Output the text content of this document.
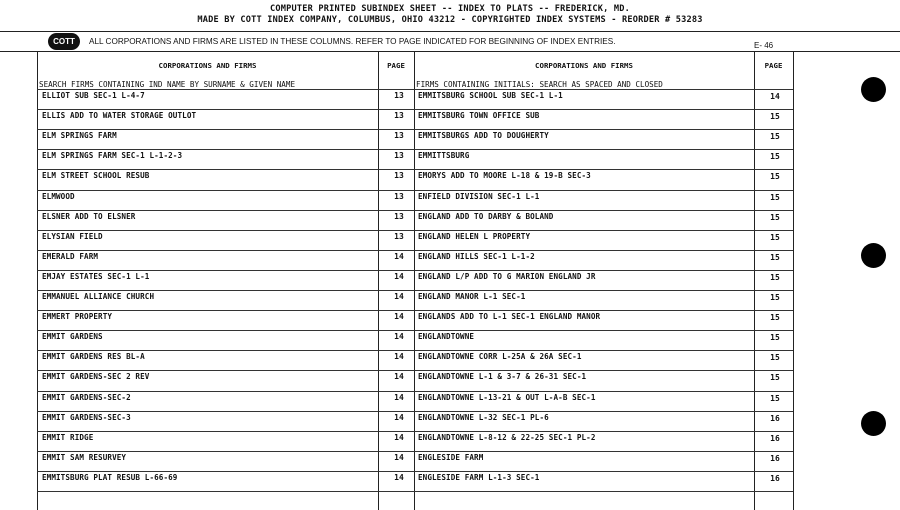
COMPUTER PRINTED SUBINDEX SHEET -- INDEX TO PLATS -- FREDERICK, MD.
MADE BY COTT INDEX COMPANY, COLUMBUS, OHIO 43212 - COPYRIGHTED INDEX SYSTEMS - REORDER # 53283
COTT	ALL CORPORATIONS AND FIRMS ARE LISTED IN THESE COLUMNS. REFER TO PAGE INDICATED FOR BEGINNING OF INDEX ENTRIES.	E- 46
CORPORATIONS AND FIRMS	PAGE	CORPORATIONS AND FIRMS	PAGE
SEARCH FIRMS CONTAINING IND NAME BY SURNAME & GIVEN NAME	FIRMS CONTAINING INITIALS: SEARCH AS SPACED AND CLOSED
ELLIOT SUB SEC-1 L-4-7	13	EMMITSBURG SCHOOL SUB SEC-1 L-1	14
ELLIS ADD TO WATER STORAGE OUTLOT	13	EMMITSBURG TOWN OFFICE SUB	15
ELM SPRINGS FARM	13	EMMITSBURGS ADD TO DOUGHERTY	15
ELM SPRINGS FARM SEC-1 L-1-2-3	13	EMMITTSBURG	15
ELM STREET SCHOOL RESUB	13	EMORYS ADD TO MOORE L-18 & 19-B SEC-3	15
ELMWOOD	13	ENFIELD DIVISION SEC-1 L-1	15
ELSNER ADD TO ELSNER	13	ENGLAND ADD TO DARBY & BOLAND	15
ELYSIAN FIELD	13	ENGLAND HELEN L PROPERTY	15
EMERALD FARM	14	ENGLAND HILLS SEC-1 L-1-2	15
EMJAY ESTATES SEC-1 L-1	14	ENGLAND L/P ADD TO G MARION ENGLAND JR	15
EMMANUEL ALLIANCE CHURCH	14	ENGLAND MANOR L-1 SEC-1	15
EMMERT PROPERTY	14	ENGLANDS ADD TO L-1 SEC-1 ENGLAND MANOR	15
EMMIT GARDENS	14	ENGLANDTOWNE	15
EMMIT GARDENS RES BL-A	14	ENGLANDTOWNE CORR L-25A & 26A SEC-1	15
EMMIT GARDENS-SEC 2 REV	14	ENGLANDTOWNE L-1 & 3-7 & 26-31 SEC-1	15
EMMIT GARDENS-SEC-2	14	ENGLANDTOWNE L-13-21 & OUT L-A-B SEC-1	15
EMMIT GARDENS-SEC-3	14	ENGLANDTOWNE L-32 SEC-1 PL-6	16
EMMIT RIDGE	14	ENGLANDTOWNE L-8-12 & 22-25 SEC-1 PL-2	16
EMMIT SAM RESURVEY	14	ENGLESIDE FARM	16
EMMITSBURG PLAT RESUB L-66-69	14	ENGLESIDE FARM L-1-3 SEC-1	16
